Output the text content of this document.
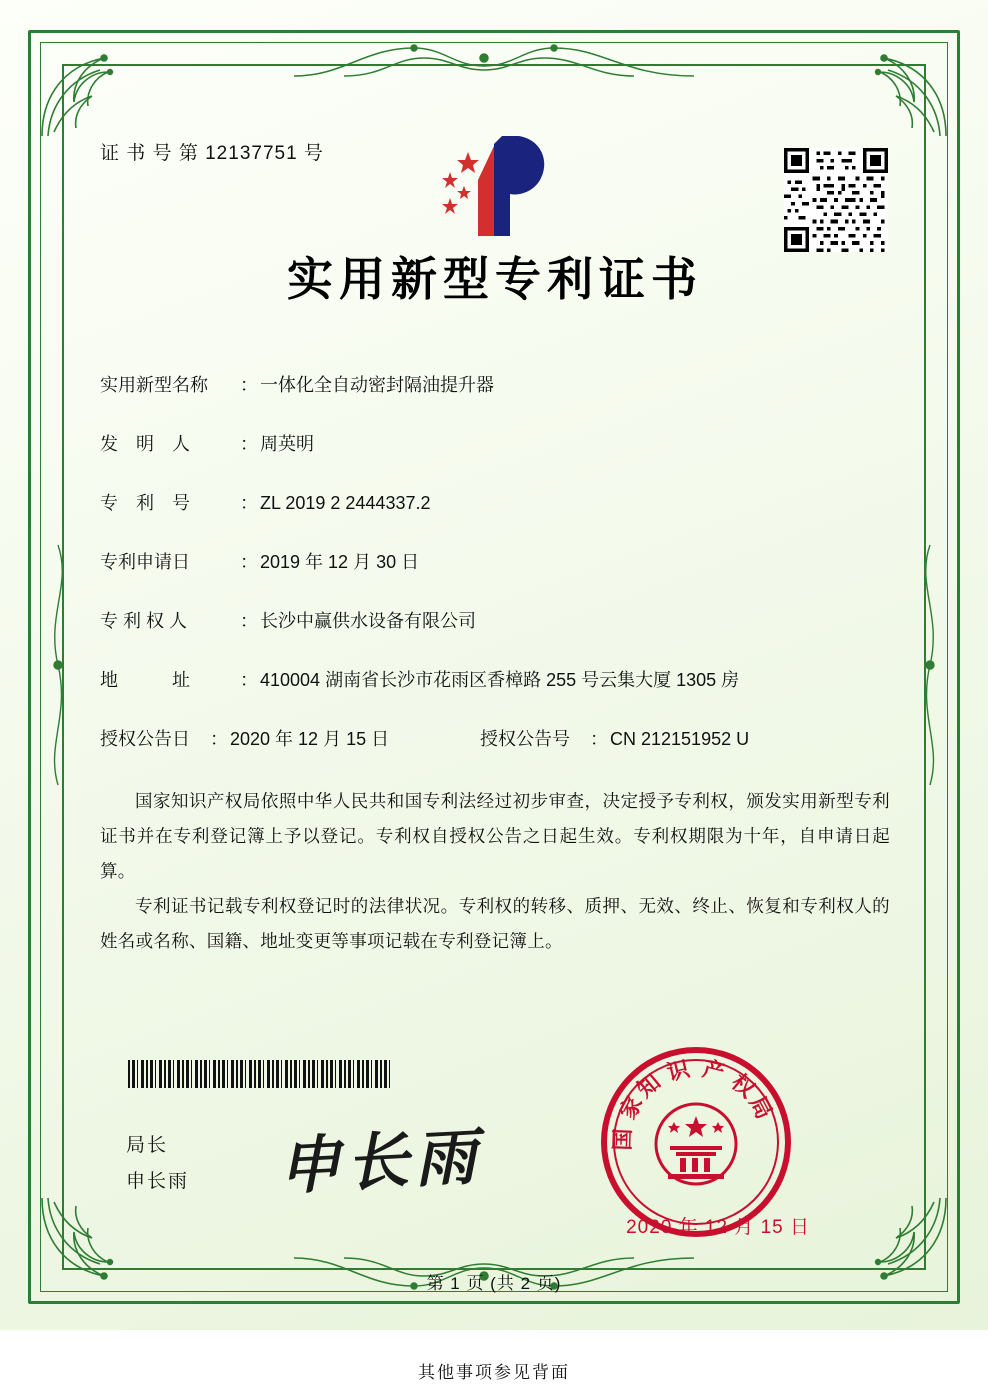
证 书 号 第 12137751 号
实用新型专利证书
实用新型名称	： 一体化全自动密封隔油提升器
发　明　人	： 周英明
专　利　号	： ZL 2019 2 2444337.2
专利申请日	： 2019 年 12 月 30 日
专 利 权 人	： 长沙中赢供水设备有限公司
地　　　址	： 410004 湖南省长沙市花雨区香樟路 255 号云集大厦 1305 房
授权公告日	： 2020 年 12 月 15 日	授权公告号	： CN 212151952 U
国家知识产权局依照中华人民共和国专利法经过初步审查，决定授予专利权，颁发实用新型专利证书并在专利登记簿上予以登记。专利权自授权公告之日起生效。专利权期限为十年，自申请日起算。
专利证书记载专利权登记时的法律状况。专利权的转移、质押、无效、终止、恢复和专利权人的姓名或名称、国籍、地址变更等事项记载在专利登记簿上。
局长
申长雨 申长雨
家
知
识 产
权
局
国
2020 年 12 月 15 日
第 1 页 (共 2 页)
其他事项参见背面
